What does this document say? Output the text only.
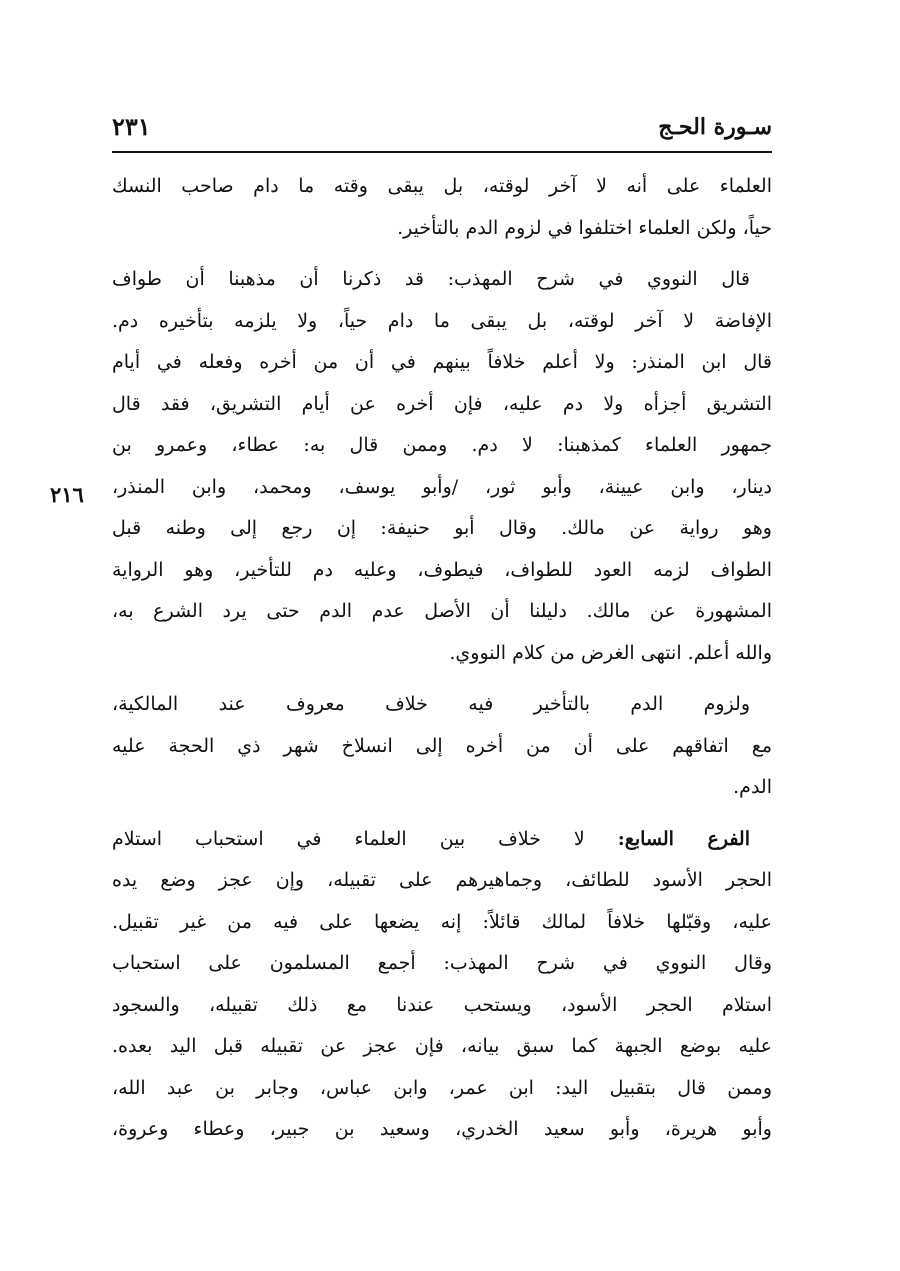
سـورة الحـج
٢٣١
٢١٦

العلماء على أنه لا آخر لوقته، بل يبقى وقته ما دام صاحب النسك
حياً، ولكن العلماء اختلفوا في لزوم الدم بالتأخير.

قال النووي في شرح المهذب: قد ذكرنا أن مذهبنا أن طواف
الإفاضة لا آخر لوقته، بل يبقى ما دام حياً، ولا يلزمه بتأخيره دم.
قال ابن المنذر: ولا أعلم خلافاً بينهم في أن من أخره وفعله في أيام
التشريق أجزأه ولا دم عليه، فإن أخره عن أيام التشريق، فقد قال
جمهور العلماء كمذهبنا: لا دم. وممن قال به: عطاء، وعمرو بن
دينار، وابن عيينة، وأبو ثور، /وأبو يوسف، ومحمد، وابن المنذر،
وهو رواية عن مالك. وقال أبو حنيفة: إن رجع إلى وطنه قبل
الطواف لزمه العود للطواف، فيطوف، وعليه دم للتأخير، وهو الرواية
المشهورة عن مالك. دليلنا أن الأصل عدم الدم حتى يرد الشرع به،
والله أعلم. انتهى الغرض من كلام النووي.

ولزوم الدم بالتأخير فيه خلاف معروف عند المالكية،
مع اتفاقهم على أن من أخره إلى انسلاخ شهر ذي الحجة عليه
الدم.

الفرع السابع: لا خلاف بين العلماء في استحباب استلام
الحجر الأسود للطائف، وجماهيرهم على تقبيله، وإن عجز وضع يده
عليه، وقبّلها خلافاً لمالك قائلاً: إنه يضعها على فيه من غير تقبيل.
وقال النووي في شرح المهذب: أجمع المسلمون على استحباب
استلام الحجر الأسود، ويستحب عندنا مع ذلك تقبيله، والسجود
عليه بوضع الجبهة كما سبق بيانه، فإن عجز عن تقبيله قبل اليد بعده.
وممن قال بتقبيل اليد: ابن عمر، وابن عباس، وجابر بن عبد الله،
وأبو هريرة، وأبو سعيد الخدري، وسعيد بن جبير، وعطاء وعروة،
